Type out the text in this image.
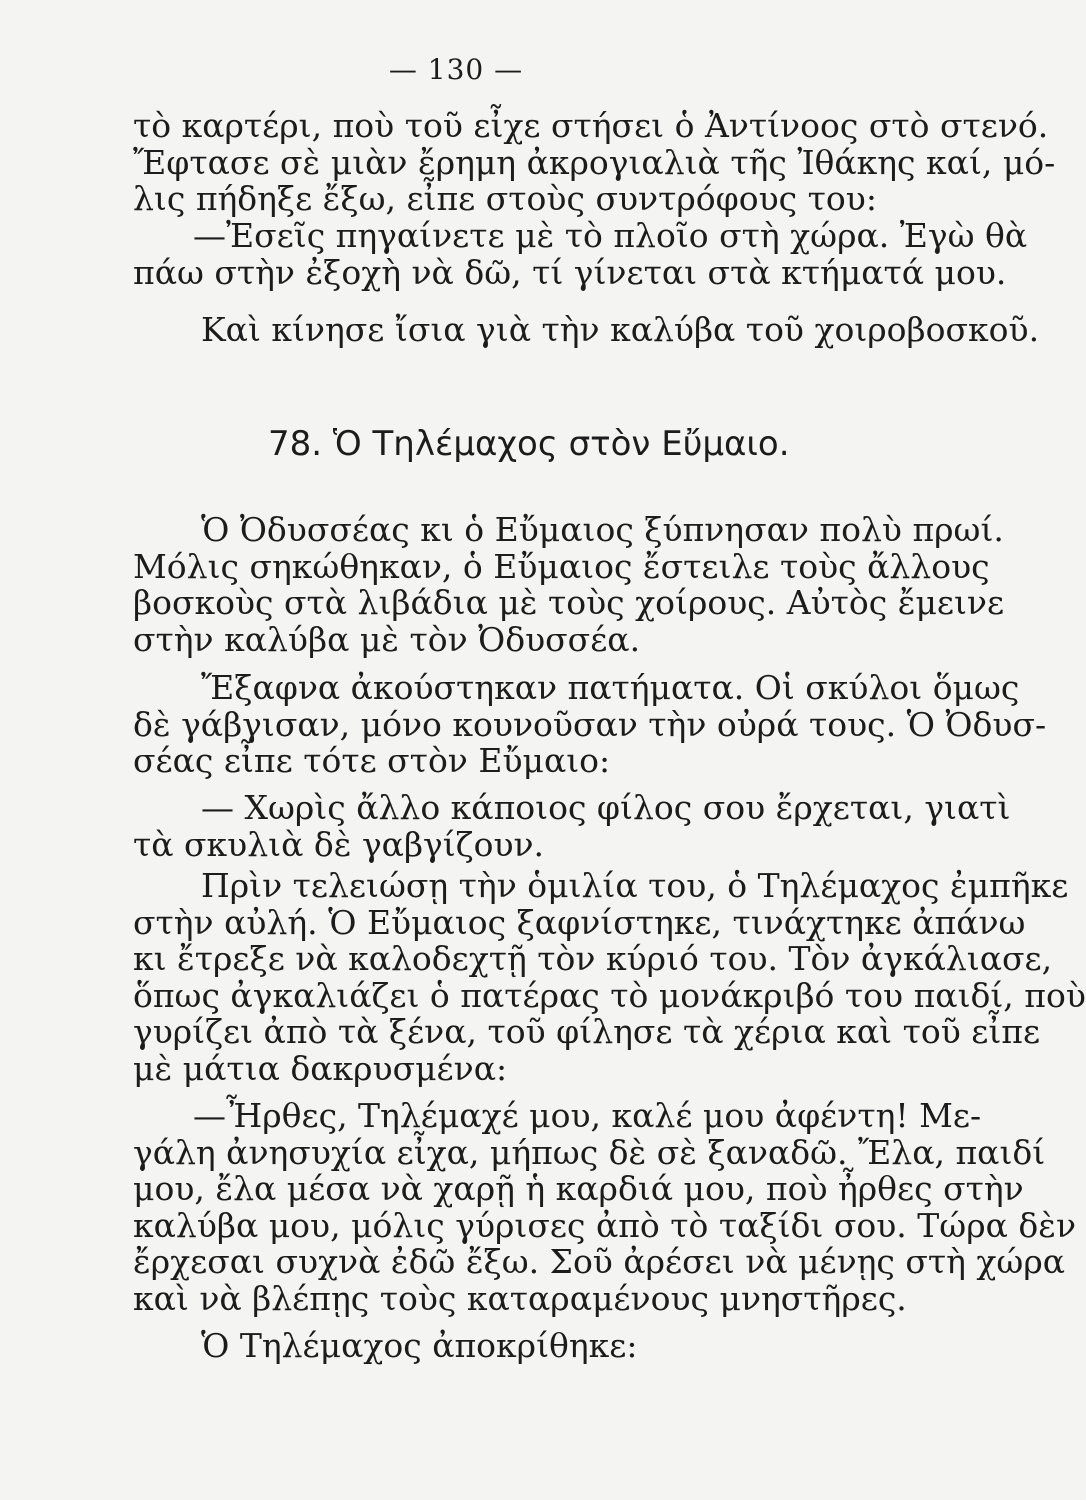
— 130 —
τὸ καρτέρι, ποὺ τοῦ εἶχε στήσει ὁ Ἀντίνοος στὸ στενό.
Ἔφτασε σὲ μιὰν ἔρημη ἀκρογιαλιὰ τῆς Ἰθάκης καί, μό-
λις πήδηξε ἔξω, εἶπε στοὺς συντρόφους του:
—Ἐσεῖς πηγαίνετε μὲ τὸ πλοῖο στὴ χώρα. Ἐγὼ θὰ
πάω στὴν ἐξοχὴ νὰ δῶ, τί γίνεται στὰ κτήματά μου.
Καὶ κίνησε ἴσια γιὰ τὴν καλύβα τοῦ χοιροβοσκοῦ.
78. Ὁ Τηλέμαχος στὸν Εὔμαιο.
Ὁ Ὀδυσσέας κι ὁ Εὔμαιος ξύπνησαν πολὺ πρωί.
Μόλις σηκώθηκαν, ὁ Εὔμαιος ἔστειλε τοὺς ἄλλους
βοσκοὺς στὰ λιβάδια μὲ τοὺς χοίρους. Αὐτὸς ἔμεινε
στὴν καλύβα μὲ τὸν Ὀδυσσέα.
Ἔξαφνα ἀκούστηκαν πατήματα. Οἱ σκύλοι ὅμως
δὲ γάβγισαν, μόνο κουνοῦσαν τὴν οὐρά τους. Ὁ Ὀδυσ-
σέας εἶπε τότε στὸν Εὔμαιο:
— Χωρὶς ἄλλο κάποιος φίλος σου ἔρχεται, γιατὶ
τὰ σκυλιὰ δὲ γαβγίζουν.
Πρὶν τελειώσῃ τὴν ὁμιλία του, ὁ Τηλέμαχος ἐμπῆκε
στὴν αὐλή. Ὁ Εὔμαιος ξαφνίστηκε, τινάχτηκε ἀπάνω
κι ἔτρεξε νὰ καλοδεχτῇ τὸν κύριό του. Τὸν ἀγκάλιασε,
ὅπως ἀγκαλιάζει ὁ πατέρας τὸ μονάκριβό του παιδί, ποὺ
γυρίζει ἀπὸ τὰ ξένα, τοῦ φίλησε τὰ χέρια καὶ τοῦ εἶπε
μὲ μάτια δακρυσμένα:
—Ἦρθες, Τηλέμαχέ μου, καλέ μου ἀφέντη! Με-
γάλη ἀνησυχία εἶχα, μήπως δὲ σὲ ξαναδῶ. Ἔλα, παιδί
μου, ἔλα μέσα νὰ χαρῇ ἡ καρδιά μου, ποὺ ἦρθες στὴν
καλύβα μου, μόλις γύρισες ἀπὸ τὸ ταξίδι σου. Τώρα δὲν
ἔρχεσαι συχνὰ ἐδῶ ἔξω. Σοῦ ἀρέσει νὰ μένῃς στὴ χώρα
καὶ νὰ βλέπῃς τοὺς καταραμένους μνηστῆρες.
Ὁ Τηλέμαχος ἀποκρίθηκε:
